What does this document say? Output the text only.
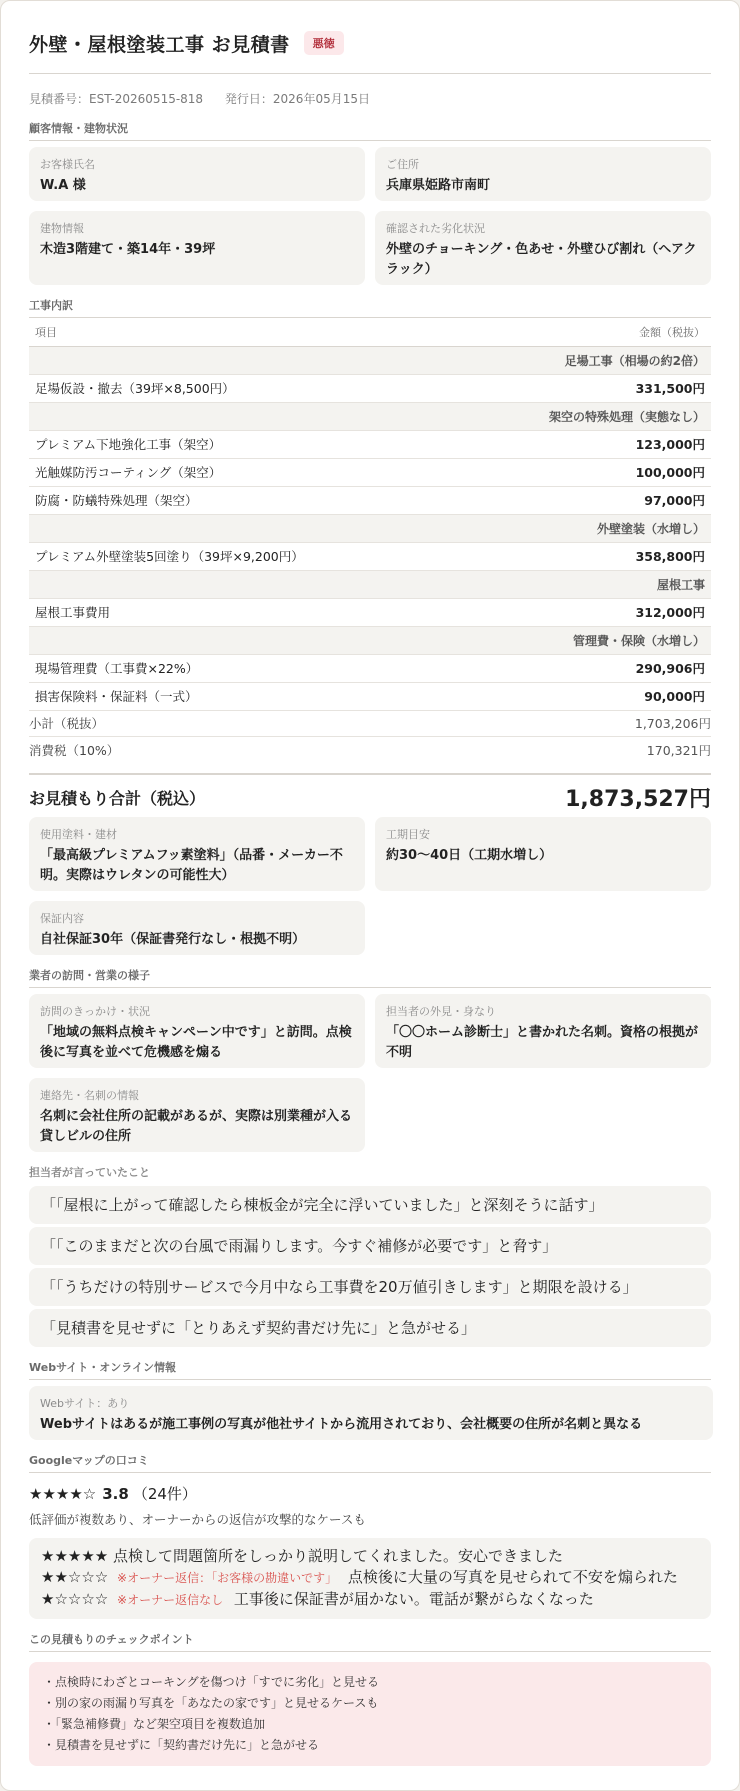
外壁・屋根塗装工事 お見積書	悪徳
見積番号：EST-20260515-818 発行日：2026年05月15日
顧客情報・建物状況
お客様氏名
W.A 様
ご住所
兵庫県姫路市南町
建物情報
木造3階建て・築14年・39坪
確認された劣化状況
外壁のチョーキング・色あせ・外壁ひび割れ（ヘアクラック）
工事内訳
項目	金額（税抜）
足場工事（相場の約2倍）	
足場仮設・撤去（39坪×8,500円）	331,500円
架空の特殊処理（実態なし）	
プレミアム下地強化工事（架空）	123,000円
光触媒防汚コーティング（架空）	100,000円
防腐・防蟻特殊処理（架空）	97,000円
外壁塗装（水増し）	
プレミアム外壁塗装5回塗り（39坪×9,200円）	358,800円
屋根工事	
屋根工事費用	312,000円
管理費・保険（水増し）	
現場管理費（工事費×22%）	290,906円
損害保険料・保証料（一式）	90,000円
小計（税抜）	1,703,206円
消費税（10%）	170,321円
お見積もり合計（税込）	1,873,527円
使用塗料・建材
「最高級プレミアムフッ素塗料」（品番・メーカー不明。実際はウレタンの可能性大）
工期目安
約30〜40日（工期水増し）
保証内容
自社保証30年（保証書発行なし・根拠不明）
業者の訪問・営業の様子
訪問のきっかけ・状況
「地域の無料点検キャンペーン中です」と訪問。点検後に写真を並べて危機感を煽る
担当者の外見・身なり
「〇〇ホーム診断士」と書かれた名刺。資格の根拠が不明
連絡先・名刺の情報
名刺に会社住所の記載があるが、実際は別業種が入る貸しビルの住所
担当者が言っていたこと
「「屋根に上がって確認したら棟板金が完全に浮いていました」と深刻そうに話す」
「「このままだと次の台風で雨漏りします。今すぐ補修が必要です」と脅す」
「「うちだけの特別サービスで今月中なら工事費を20万値引きします」と期限を設ける」
「見積書を見せずに「とりあえず契約書だけ先に」と急がせる」
Webサイト・オンライン情報
Webサイト：あり
Webサイトはあるが施工事例の写真が他社サイトから流用されており、会社概要の住所が名刺と異なる
Googleマップの口コミ
★★★★☆ 3.8 （24件）
低評価が複数あり、オーナーからの返信が攻撃的なケースも
★★★★★ 点検して問題箇所をしっかり説明してくれました。安心できました
★★☆☆☆ ※オーナー返信：「お客様の勘違いです」 点検後に大量の写真を見せられて不安を煽られた
★☆☆☆☆ ※オーナー返信なし 工事後に保証書が届かない。電話が繋がらなくなった
この見積もりのチェックポイント
・点検時にわざとコーキングを傷つけ「すでに劣化」と見せる
・別の家の雨漏り写真を「あなたの家です」と見せるケースも
・「緊急補修費」など架空項目を複数追加
・見積書を見せずに「契約書だけ先に」と急がせる
